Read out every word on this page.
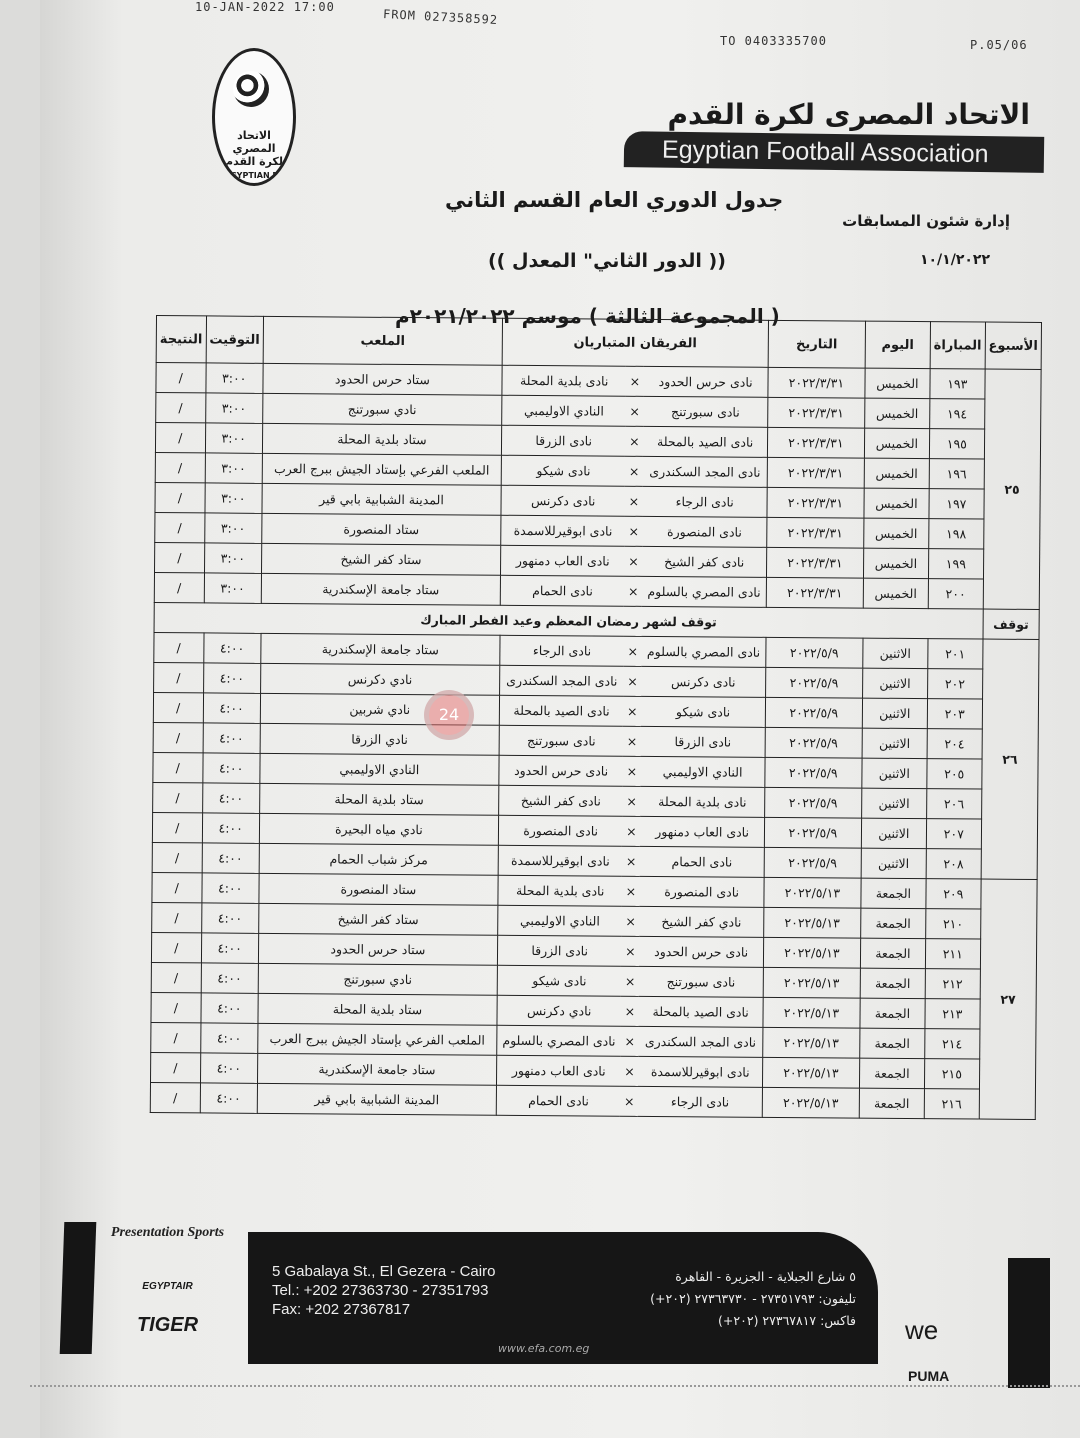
10-JAN-2022 17:00	FROM 027358592
TO 0403335700	P.05/06
الاتحاد المصري
لكرة القدم
EGYPTIAN FA
الاتحاد المصرى لكرة القدم
Egyptian Football Association
إدارة شئون المسابقات
١٠/١/٢٠٢٢
جدول الدوري العام القسم الثاني
(( الدور الثاني" المعدل ))
( المجموعة الثالثة ) موسم ٢٠٢١/٢٠٢٢م
الأسبوع	المباراة	اليوم	التاريخ	الفريقان المتباريان			الملعب	التوقيت	النتيجة
٢٥	١٩٣	الخميس	٢٠٢٢/٣/٣١	نادى حرس الحدود	×	نادى بلدية المحلة	ستاد حرس الحدود	٣:٠٠	/
	١٩٤	الخميس	٢٠٢٢/٣/٣١	نادى سبورتنج	×	النادي الاوليمبي	نادي سبورتنج	٣:٠٠	/
	١٩٥	الخميس	٢٠٢٢/٣/٣١	نادى الصيد بالمحلة	×	نادى الزرقا	ستاد بلدية المحلة	٣:٠٠	/
	١٩٦	الخميس	٢٠٢٢/٣/٣١	نادى المجد السكندرى	×	نادى شيكو	الملعب الفرعي بإستاد الجيش ببرج العرب	٣:٠٠	/
	١٩٧	الخميس	٢٠٢٢/٣/٣١	نادى الرجاء	×	نادى دكرنس	المدينة الشبابية بابي قير	٣:٠٠	/
	١٩٨	الخميس	٢٠٢٢/٣/٣١	نادى المنصورة	×	نادى ابوقيرللاسمدة	ستاد المنصورة	٣:٠٠	/
	١٩٩	الخميس	٢٠٢٢/٣/٣١	نادى كفر الشيخ	×	نادى العاب دمنهور	ستاد كفر الشيخ	٣:٠٠	/
	٢٠٠	الخميس	٢٠٢٢/٣/٣١	نادى المصري بالسلوم	×	نادى الحمام	ستاد جامعة الإسكندرية	٣:٠٠	/
توقف	توقف لشهر رمضان المعظم وعيد الفطر المبارك								
٢٦	٢٠١	الاثنين	٢٠٢٢/٥/٩	نادى المصري بالسلوم	×	نادى الرجاء	ستاد جامعة الإسكندرية	٤:٠٠	/
	٢٠٢	الاثنين	٢٠٢٢/٥/٩	نادى دكرنس	×	نادى المجد السكندرى	نادي دكرنس	٤:٠٠	/
	٢٠٣	الاثنين	٢٠٢٢/٥/٩	نادى شيكو	×	نادى الصيد بالمحلة	نادي شربين	٤:٠٠	/
	٢٠٤	الاثنين	٢٠٢٢/٥/٩	نادى الزرقا	×	نادى سبورتنج	نادي الزرقا	٤:٠٠	/
	٢٠٥	الاثنين	٢٠٢٢/٥/٩	النادي الاوليمبي	×	نادى حرس الحدود	النادي الاوليمبي	٤:٠٠	/
	٢٠٦	الاثنين	٢٠٢٢/٥/٩	نادى بلدية المحلة	×	نادى كفر الشيخ	ستاد بلدية المحلة	٤:٠٠	/
	٢٠٧	الاثنين	٢٠٢٢/٥/٩	نادى العاب دمنهور	×	نادى المنصورة	نادي مياه البحيرة	٤:٠٠	/
	٢٠٨	الاثنين	٢٠٢٢/٥/٩	نادى الحمام	×	نادى ابوقيرللاسمدة	مركز شباب الحمام	٤:٠٠	/
٢٧	٢٠٩	الجمعة	٢٠٢٢/٥/١٣	نادى المنصورة	×	نادى بلدية المحلة	ستاد المنصورة	٤:٠٠	/
	٢١٠	الجمعة	٢٠٢٢/٥/١٣	نادي كفر الشيخ	×	النادي الاوليمبي	ستاد كفر الشيخ	٤:٠٠	/
	٢١١	الجمعة	٢٠٢٢/٥/١٣	نادى حرس الحدود	×	نادى الزرقا	ستاد حرس الحدود	٤:٠٠	/
	٢١٢	الجمعة	٢٠٢٢/٥/١٣	نادى سبورتنج	×	نادى شيكو	نادي سبورتنج	٤:٠٠	/
	٢١٣	الجمعة	٢٠٢٢/٥/١٣	نادى الصيد بالمحلة	×	نادي دكرنس	ستاد بلدية المحلة	٤:٠٠	/
	٢١٤	الجمعة	٢٠٢٢/٥/١٣	نادى المجد السكندرى	×	نادى المصري بالسلوم	الملعب الفرعي بإستاد الجيش ببرج العرب	٤:٠٠	/
	٢١٥	الجمعة	٢٠٢٢/٥/١٣	نادى ابوقيرللاسمدة	×	نادى العاب دمنهور	ستاد جامعة الإسكندرية	٤:٠٠	/
	٢١٦	الجمعة	٢٠٢٢/٥/١٣	نادى الرجاء	×	نادى الحمام	المدينة الشبابية بابي قير	٤:٠٠	/
24
Presentation Sports
EGYPTAIR
TIGER
5 Gabalaya St., El Gezera - Cairo
Tel.: +202 27363730 - 27351793
Fax: +202 27367817
٥ شارع الجبلاية - الجزيرة - القاهرة
تليفون: ٢٧٣٥١٧٩٣ - ٢٧٣٦٣٧٣٠ (٢٠٢+)
فاكس: ٢٧٣٦٧٨١٧ (٢٠٢+)
www.efa.com.eg
we
PUMA
